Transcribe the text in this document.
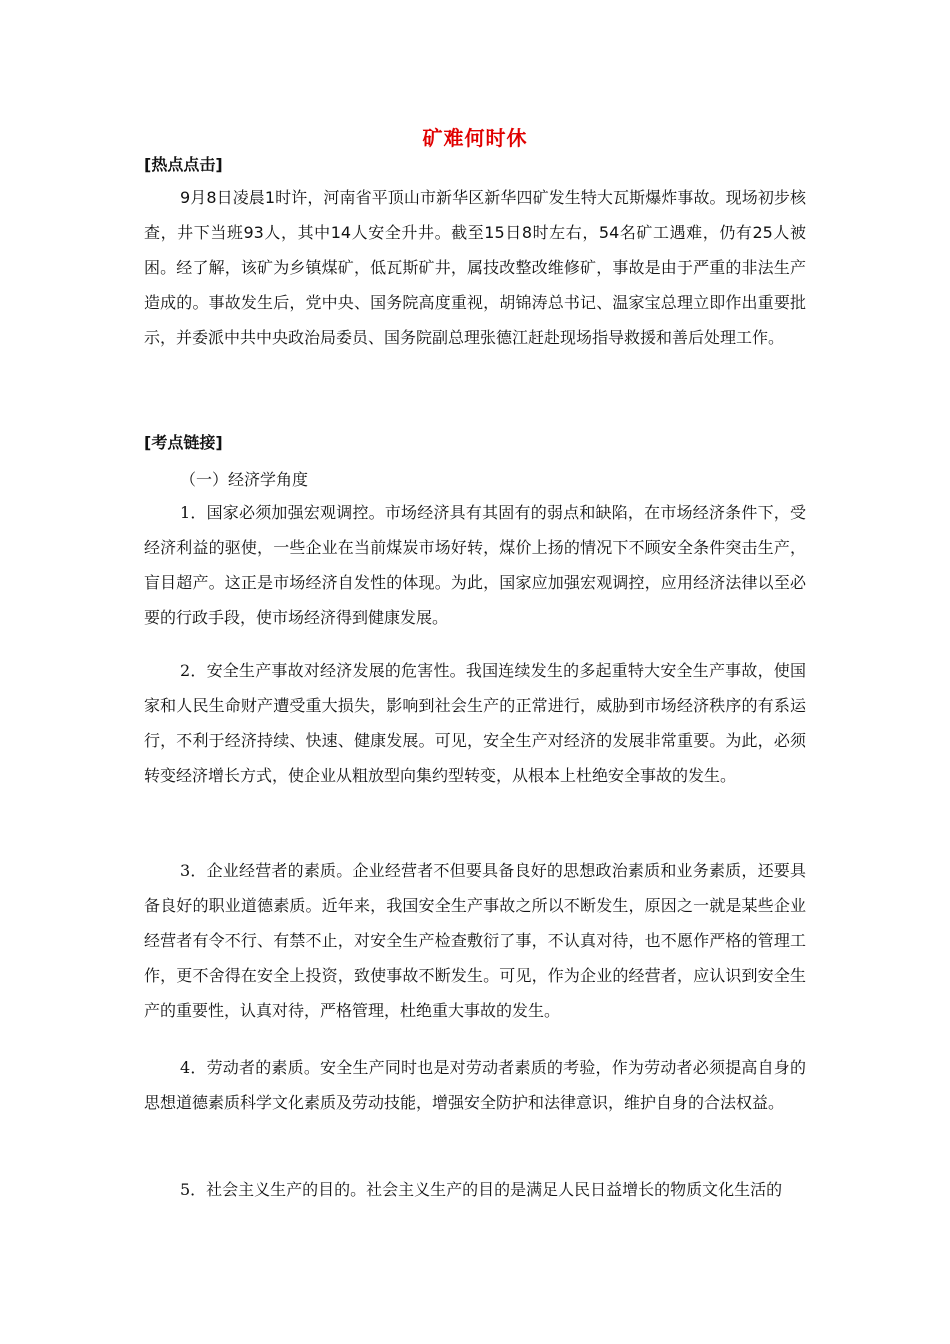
矿难何时休
[热点点击]

9月8日凌晨1时许，河南省平顶山市新华区新华四矿发生特大瓦斯爆炸事故。现场初步核查，井下当班93人，其中14人安全升井。截至15日8时左右，54名矿工遇难，仍有25人被困。经了解，该矿为乡镇煤矿，低瓦斯矿井，属技改整改维修矿，事故是由于严重的非法生产造成的。事故发生后，党中央、国务院高度重视，胡锦涛总书记、温家宝总理立即作出重要批示，并委派中共中央政治局委员、国务院副总理张德江赶赴现场指导救援和善后处理工作。

[考点链接]
（一）经济学角度

1．国家必须加强宏观调控。市场经济具有其固有的弱点和缺陷，在市场经济条件下，受经济利益的驱使，一些企业在当前煤炭市场好转，煤价上扬的情况下不顾安全条件突击生产，盲目超产。这正是市场经济自发性的体现。为此，国家应加强宏观调控，应用经济法律以至必要的行政手段，使市场经济得到健康发展。

2．安全生产事故对经济发展的危害性。我国连续发生的多起重特大安全生产事故，使国家和人民生命财产遭受重大损失，影响到社会生产的正常进行，威胁到市场经济秩序的有系运行，不利于经济持续、快速、健康发展。可见，安全生产对经济的发展非常重要。为此，必须转变经济增长方式，使企业从粗放型向集约型转变，从根本上杜绝安全事故的发生。

3．企业经营者的素质。企业经营者不但要具备良好的思想政治素质和业务素质，还要具备良好的职业道德素质。近年来，我国安全生产事故之所以不断发生，原因之一就是某些企业经营者有令不行、有禁不止，对安全生产检查敷衍了事，不认真对待，也不愿作严格的管理工作，更不舍得在安全上投资，致使事故不断发生。可见，作为企业的经营者，应认识到安全生产的重要性，认真对待，严格管理，杜绝重大事故的发生。

4．劳动者的素质。安全生产同时也是对劳动者素质的考验，作为劳动者必须提高自身的思想道德素质科学文化素质及劳动技能，增强安全防护和法律意识，维护自身的合法权益。

5．社会主义生产的目的。社会主义生产的目的是满足人民日益增长的物质文化生活的
